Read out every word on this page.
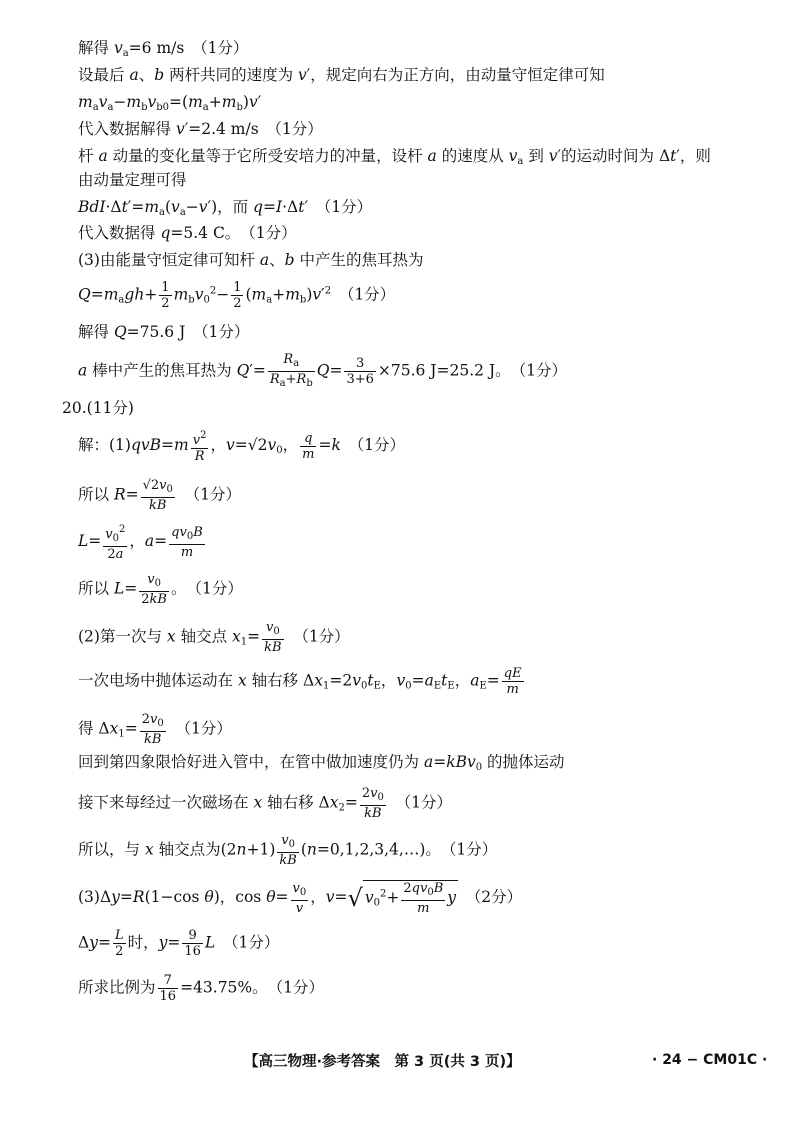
解得 $v_a=6$ m/s　（1分）
设最后 a、b 两杆共同的速度为 v′，规定向右为正方向，由动量守恒定律可知
$m_av_a-m_bv_{b0}=(m_a+m_b)v'$
代入数据解得 v′=2.4 m/s　（1分）
杆 a 动量的变化量等于它所受安培力的冲量，设杆 a 的速度从 $v_a$ 到 v′的运动时间为 Δt′，则
由动量定理可得
$BdI\cdot\Delta t'=m_a(v_a-v')$，而 q=I·Δt′　（1分）
代入数据得 q=5.4 C。　（1分）
(3)由能量守恒定律可知杆 a、b 中产生的焦耳热为
$Q=m_agh+ \frac{1}{2} m_bv_0^2- \frac{1}{2} (m_a+m_b)v'^2$　（1分）
解得 Q=75.6 J　（1分）
a 棒中产生的焦耳热为 $Q'= \frac{R_a}{R_a+R_b} Q= \frac{3}{3+6} \times 75.6$ J=25.2 J。　（1分）
20.(11分)
解：$(1)qvB=m \frac{v^2}{R}$ ，$v=√2v_0$， $\frac{q}{m} =k$　（1分）
所以 $R= \frac{√2v_0}{kB}$ 　（1分）
$L= \frac{v_0^2}{2a}$ ，$a= \frac{qv_0B}{m}$
所以 $L= \frac{v_0}{2kB}$ 。　（1分）
(2)第一次与 x 轴交点 $x_1= \frac{v_0}{kB}$ 　（1分）
一次电场中抛体运动在 x 轴右移 $\Delta x_1=2v_0t_E$，$v_0=a_Et_E$，$a_E= \frac{qE}{m}$
得 $\Delta x_1= \frac{2v_0}{kB}$ 　（1分）
回到第四象限恰好进入管中，在管中做加速度仍为 a=kBv$_0$ 的抛体运动
接下来每经过一次磁场在 x 轴右移 $\Delta x_2= \frac{2v_0}{kB}$ 　（1分）
所以，与 x 轴交点为$(2n+1) \frac{v_0}{kB}$ (n=0,1,2,3,4,…)。　（1分）
(3)Δy=R(1−cos θ)，$\cos \theta= \frac{v_0}{v}$ ，v=√ $v_0^2+ \frac{2qv_0B}{m}$ y　（2分）
$\Delta y= \frac{L}{2}$ 时，$y= \frac{9}{16}$ L　（1分）
所求比例为 $\frac{7}{16} =43.75\%$。　（1分）
【高三物理·参考答案　第 3 页(共 3 页)】	· 24 − CM01C ·
